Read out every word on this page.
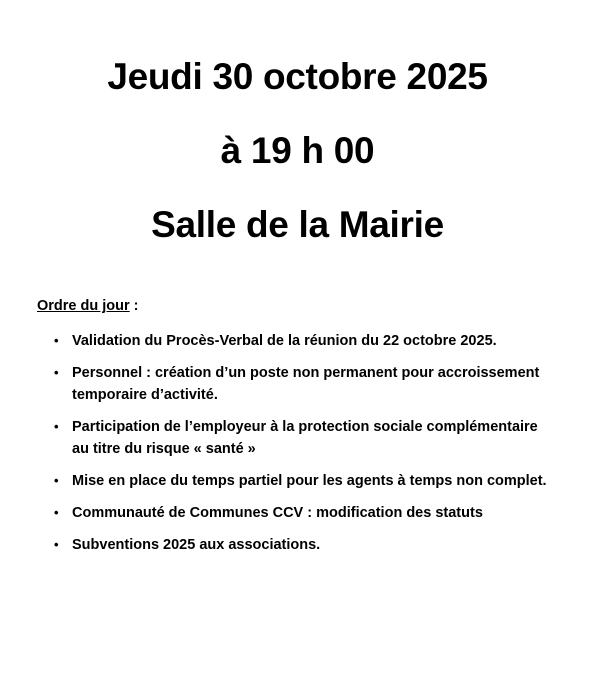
Jeudi 30 octobre 2025
à 19 h 00
Salle de la Mairie
Ordre du jour :
• Validation du Procès-Verbal de la réunion du 22 octobre 2025.
• Personnel : création d’un poste non permanent pour accroissement temporaire d’activité.
• Participation de l’employeur à la protection sociale complémentaire au titre du risque « santé »
• Mise en place du temps partiel pour les agents à temps non complet.
• Communauté de Communes CCV : modification des statuts
• Subventions 2025 aux associations.
